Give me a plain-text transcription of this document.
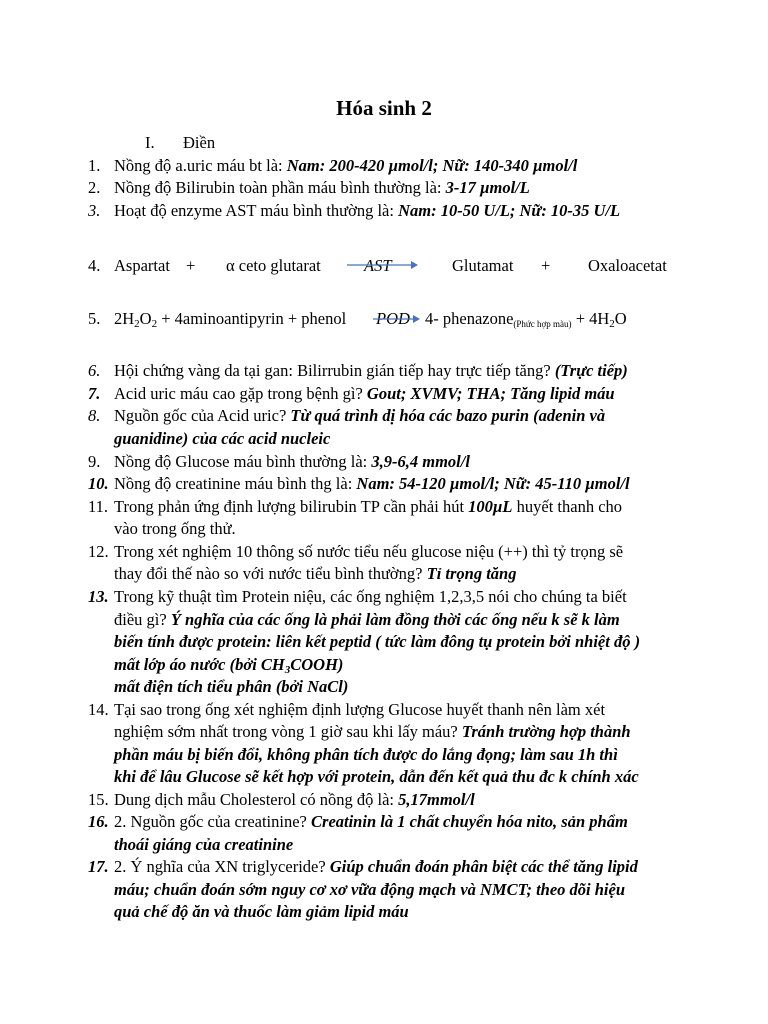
Hóa sinh 2
I. Điền
1. Nồng độ a.uric máu bt là: Nam: 200-420 µmol/l; Nữ: 140-340 µmol/l
2. Nồng độ Bilirubin toàn phần máu bình thường là: 3-17 µmol/L
3. Hoạt độ enzyme AST máu bình thường là: Nam: 10-50 U/L; Nữ: 10-35 U/L
4. Aspartat + α ceto glutarat	AST	Glutamat + Oxaloacetat
5. $2H_2O_2$ + 4aminoantipyrin + phenol POD → 4- phenazone$_{(Phức hợp màu)}$ + $4H_2O$
6. Hội chứng vàng da tại gan: Bilirrubin gián tiếp hay trực tiếp tăng? (Trực tiếp)
7. Acid uric máu cao gặp trong bệnh gì? Gout; XVMV; THA; Tăng lipid máu
8. Nguồn gốc của Acid uric? Từ quá trình dị hóa các bazo purin (adenin và
guanidine) của các acid nucleic
9. Nồng độ Glucose máu bình thường là: 3,9-6,4 mmol/l
10. Nồng độ creatinine máu bình thg là: Nam: 54-120 µmol/l; Nữ: 45-110 µmol/l
11. Trong phản ứng định lượng bilirubin TP cần phải hút 100µL huyết thanh cho
vào trong ống thử.
12. Trong xét nghiệm 10 thông số nước tiểu nếu glucose niệu (++) thì tỷ trọng sẽ
thay đổi thế nào so với nước tiểu bình thường? Tỉ trọng tăng
13. Trong kỹ thuật tìm Protein niệu, các ống nghiệm 1,2,3,5 nói cho chúng ta biết
điều gì? Ý nghĩa của các ống là phải làm đồng thời các ống nếu k sẽ k làm
biến tính được protein: liên kết peptid ( tức làm đông tụ protein bởi nhiệt độ )
mất lớp áo nước (bởi $CH_3COOH$)
mất điện tích tiểu phân (bởi NaCl)
14. Tại sao trong ống xét nghiệm định lượng Glucose huyết thanh nên làm xét
nghiệm sớm nhất trong vòng 1 giờ sau khi lấy máu? Tránh trường hợp thành
phần máu bị biến đổi, không phân tích được do lắng đọng; làm sau 1h thì
khi để lâu Glucose sẽ kết hợp với protein, dẫn đến kết quả thu đc k chính xác
15. Dung dịch mẫu Cholesterol có nồng độ là: 5,17mmol/l
16. 2. Nguồn gốc của creatinine? Creatinin là 1 chất chuyển hóa nito, sản phẩm
thoái giáng của creatinine
17. 2. Ý nghĩa của XN triglyceride? Giúp chuẩn đoán phân biệt các thể tăng lipid
máu; chuẩn đoán sớm nguy cơ xơ vữa động mạch và NMCT; theo dõi hiệu
quả chế độ ăn và thuốc làm giảm lipid máu
